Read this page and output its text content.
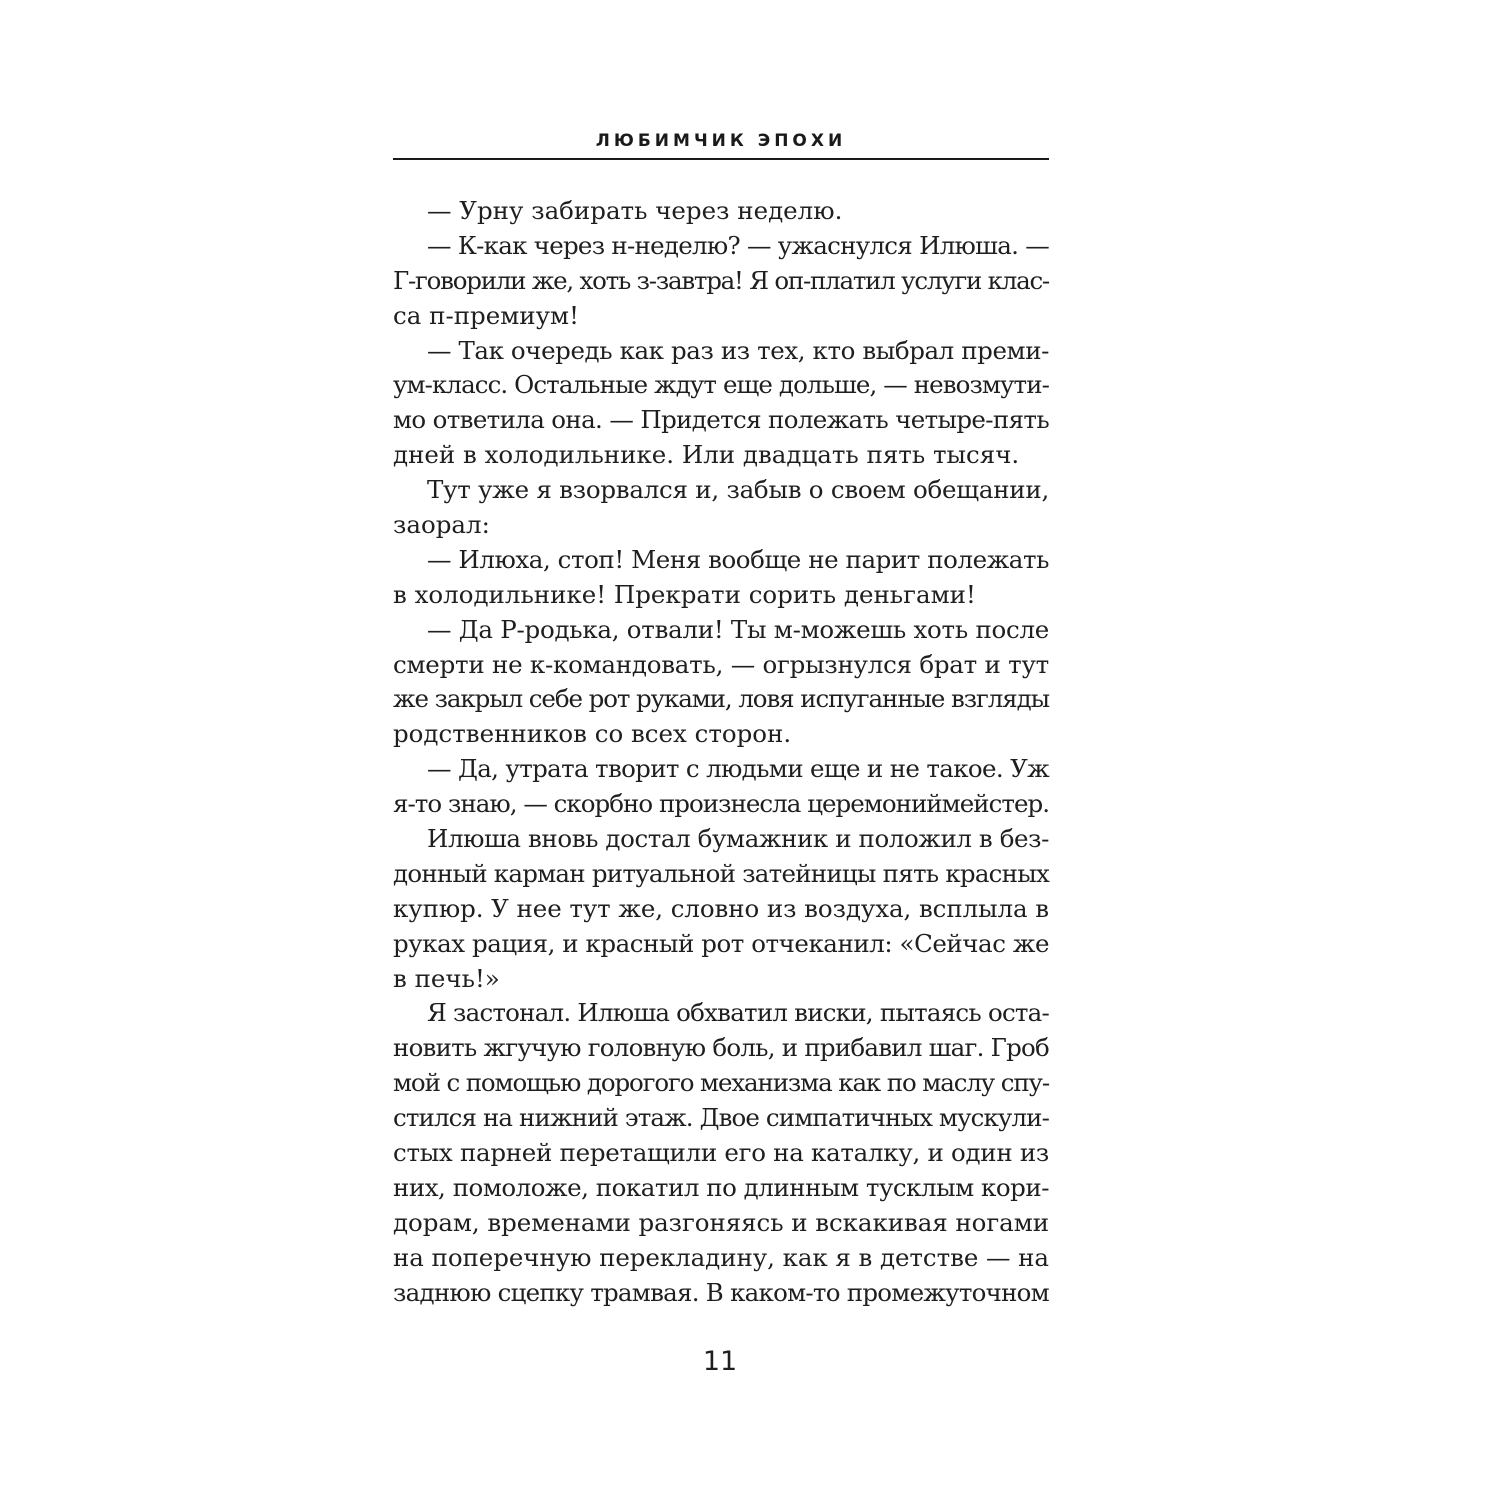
ЛЮБИМЧИК ЭПОХИ
— Урну забирать через неделю.
— К-как через н-неделю? — ужаснулся Илюша. —
Г-говорили же, хоть з-завтра! Я оп-платил услуги клас-
са п-премиум!
— Так очередь как раз из тех, кто выбрал преми-
ум-класс. Остальные ждут еще дольше, — невозмути-
мо ответила она. — Придется полежать четыре-пять
дней в холодильнике. Или двадцать пять тысяч.
Тут уже я взорвался и, забыв о своем обещании,
заорал:
— Илюха, стоп! Меня вообще не парит полежать
в холодильнике! Прекрати сорить деньгами!
— Да Р-родька, отвали! Ты м-можешь хоть после
смерти не к-командовать, — огрызнулся брат и тут
же закрыл себе рот руками, ловя испуганные взгляды
родственников со всех сторон.
— Да, утрата творит с людьми еще и не такое. Уж
я-то знаю, — скорбно произнесла церемониймейстер.
Илюша вновь достал бумажник и положил в без-
донный карман ритуальной затейницы пять красных
купюр. У нее тут же, словно из воздуха, всплыла в
руках рация, и красный рот отчеканил: «Сейчас же
в печь!»
Я застонал. Илюша обхватил виски, пытаясь оста-
новить жгучую головную боль, и прибавил шаг. Гроб
мой с помощью дорогого механизма как по маслу спу-
стился на нижний этаж. Двое симпатичных мускули-
стых парней перетащили его на каталку, и один из
них, помоложе, покатил по длинным тусклым кори-
дорам, временами разгоняясь и вскакивая ногами
на поперечную перекладину, как я в детстве — на
заднюю сцепку трамвая. В каком-то промежуточном
11
